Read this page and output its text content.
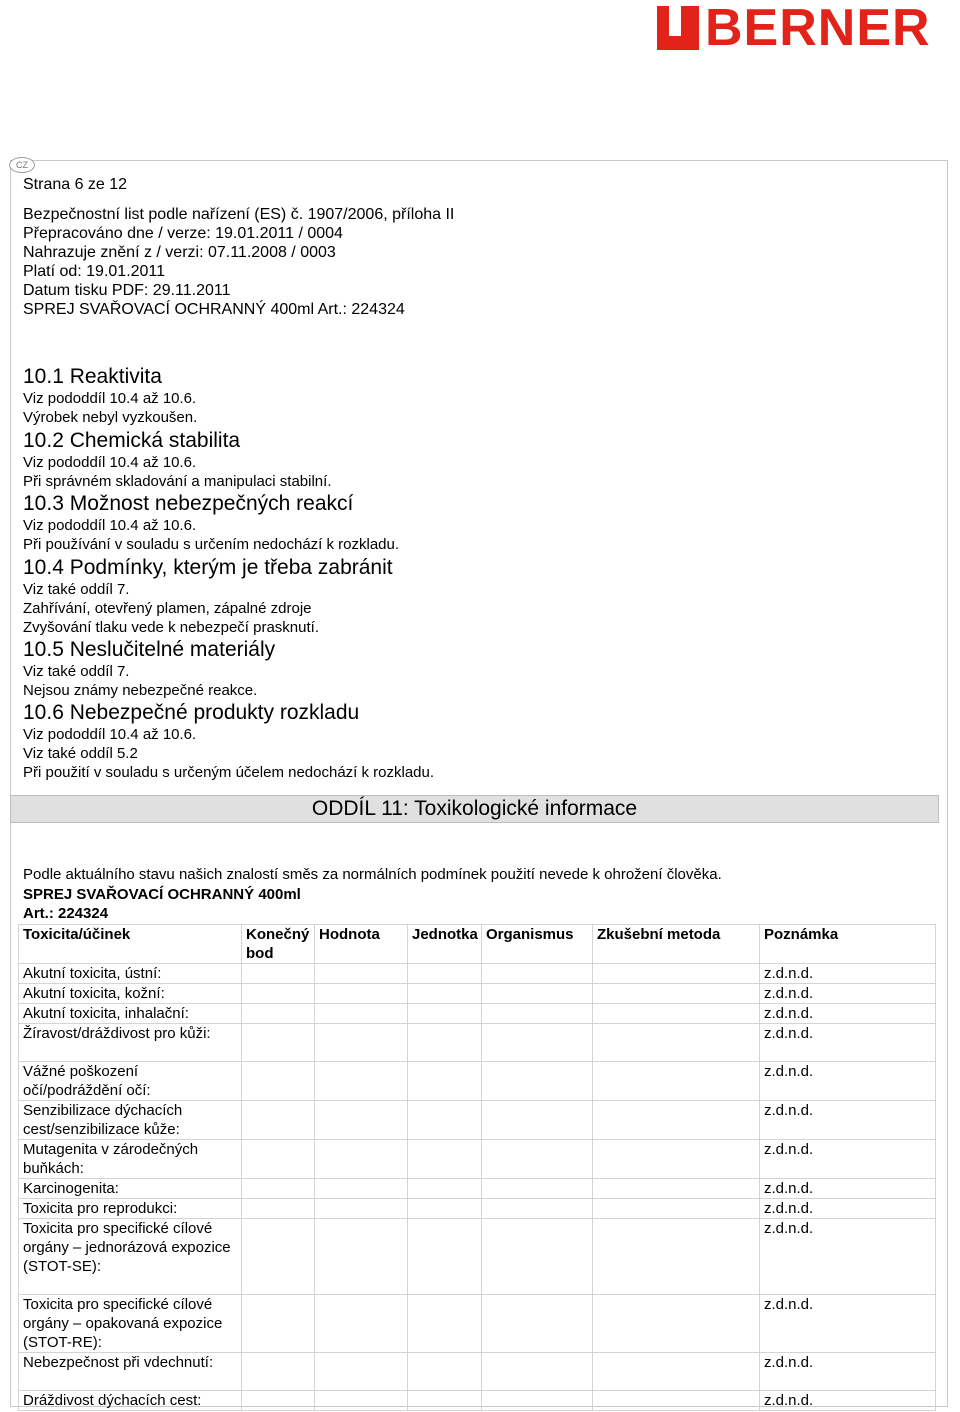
BERNER
CZ
Strana 6 ze 12
Bezpečnostní list podle nařízení (ES) č. 1907/2006, příloha II
Přepracováno dne / verze: 19.01.2011 / 0004
Nahrazuje znění z / verzi: 07.11.2008 / 0003
Platí od: 19.01.2011
Datum tisku PDF: 29.11.2011
SPREJ SVAŘOVACÍ OCHRANNÝ 400ml Art.: 224324
10.1 Reaktivita
Viz pododdíl 10.4 až 10.6.
Výrobek nebyl vyzkoušen.
10.2 Chemická stabilita
Viz pododdíl 10.4 až 10.6.
Při správném skladování a manipulaci stabilní.
10.3 Možnost nebezpečných reakcí
Viz pododdíl 10.4 až 10.6.
Při používání v souladu s určením nedochází k rozkladu.
10.4 Podmínky, kterým je třeba zabránit
Viz také oddíl 7.
Zahřívání, otevřený plamen, zápalné zdroje
Zvyšování tlaku vede k nebezpečí prasknutí.
10.5 Neslučitelné materiály
Viz také oddíl 7.
Nejsou známy nebezpečné reakce.
10.6 Nebezpečné produkty rozkladu
Viz pododdíl 10.4 až 10.6.
Viz také oddíl 5.2
Při použití v souladu s určeným účelem nedochází k rozkladu.
ODDÍL 11: Toxikologické informace
Podle aktuálního stavu našich znalostí směs za normálních podmínek použití nevede k ohrožení člověka.
SPREJ SVAŘOVACÍ OCHRANNÝ 400ml
Art.: 224324
Toxicita/účinek	Konečný bod	Hodnota	Jednotka	Organismus	Zkušební metoda	Poznámka
Akutní toxicita, ústní:						z.d.n.d.
Akutní toxicita, kožní:						z.d.n.d.
Akutní toxicita, inhalační:						z.d.n.d.
Žíravost/dráždivost pro kůži:						z.d.n.d.
Vážné poškození očí/podráždění očí:						z.d.n.d.
Senzibilizace dýchacích cest/senzibilizace kůže:						z.d.n.d.
Mutagenita v zárodečných buňkách:						z.d.n.d.
Karcinogenita:						z.d.n.d.
Toxicita pro reprodukci:						z.d.n.d.
Toxicita pro specifické cílové orgány – jednorázová expozice (STOT-SE):						z.d.n.d.
Toxicita pro specifické cílové orgány – opakovaná expozice (STOT-RE):						z.d.n.d.
Nebezpečnost při vdechnutí:						z.d.n.d.
Dráždivost dýchacích cest:						z.d.n.d.
